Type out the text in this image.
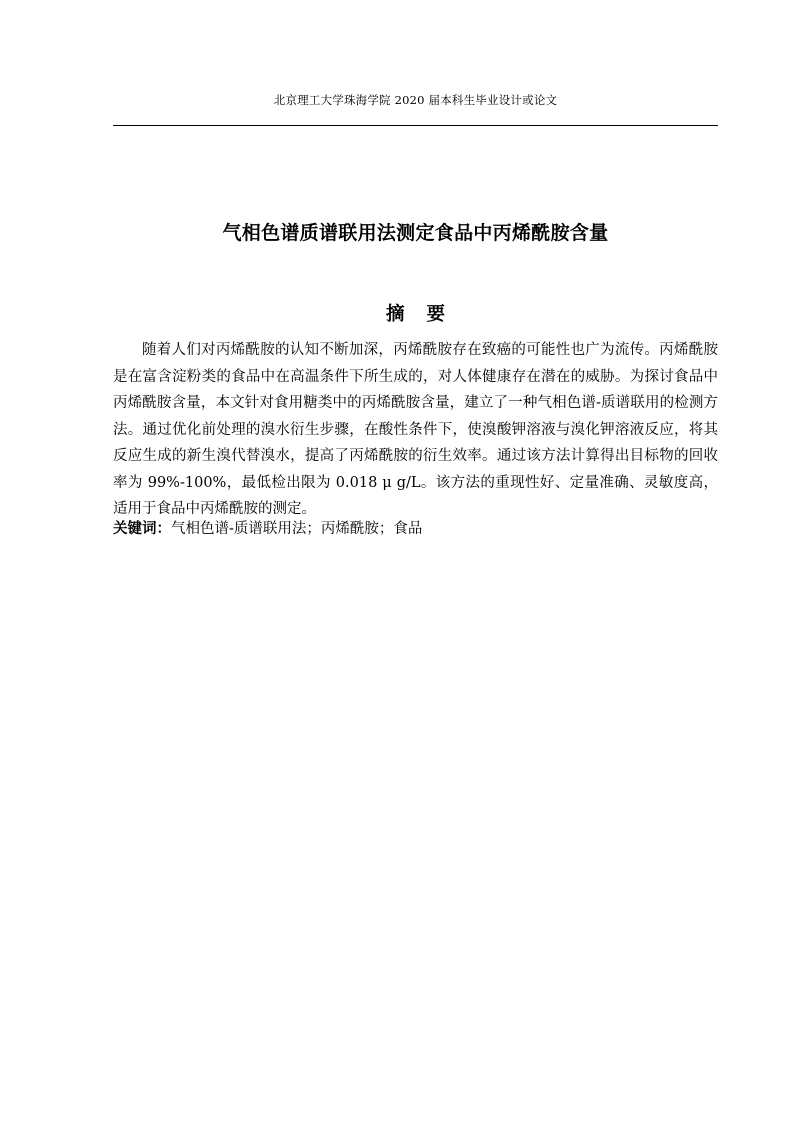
北京理工大学珠海学院 2020 届本科生毕业设计或论文
气相色谱质谱联用法测定食品中丙烯酰胺含量
摘 要

随着人们对丙烯酰胺的认知不断加深，丙烯酰胺存在致癌的可能性也广为流传。丙烯酰胺是在富含淀粉类的食品中在高温条件下所生成的，对人体健康存在潜在的威胁。为探讨食品中丙烯酰胺含量，本文针对食用糖类中的丙烯酰胺含量，建立了一种气相色谱-质谱联用的检测方法。通过优化前处理的溴水衍生步骤，在酸性条件下，使溴酸钾溶液与溴化钾溶液反应，将其反应生成的新生溴代替溴水，提高了丙烯酰胺的衍生效率。通过该方法计算得出目标物的回收率为 99%-100%，最低检出限为 0.018 μ g/L。该方法的重现性好、定量准确、灵敏度高，适用于食品中丙烯酰胺的测定。

关键词：气相色谱-质谱联用法；丙烯酰胺；食品
